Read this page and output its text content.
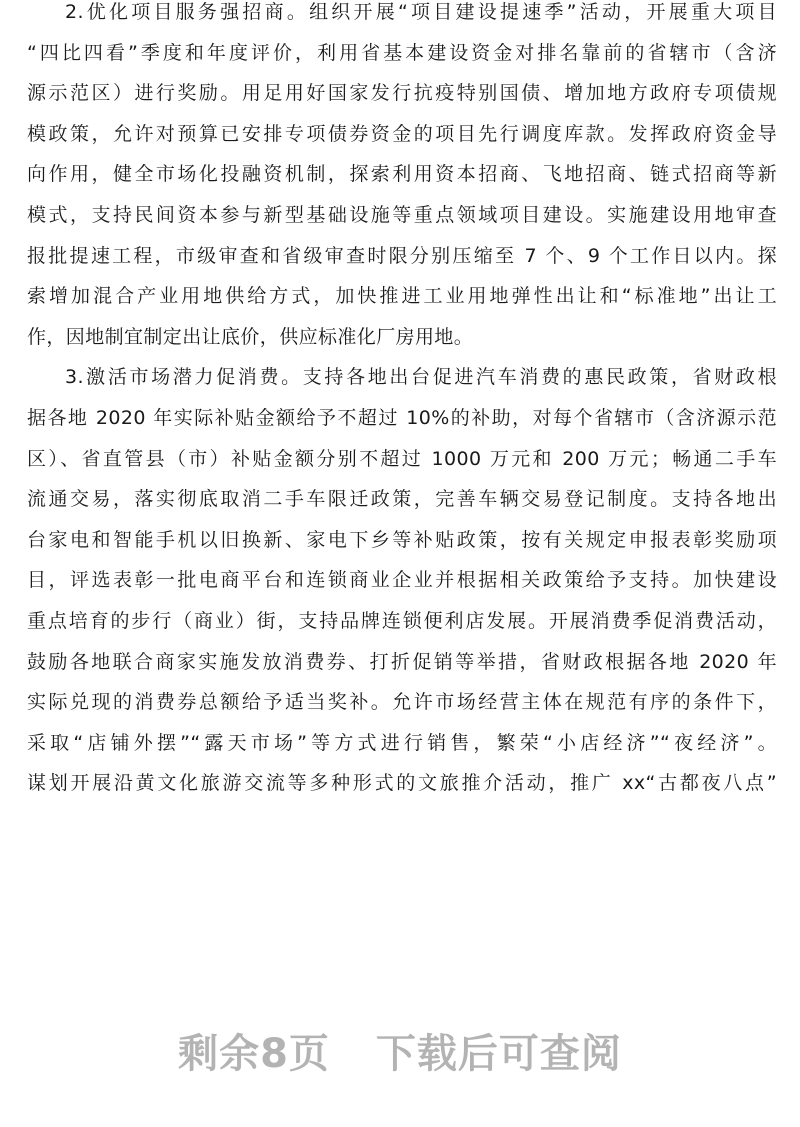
2.优化项目服务强招商。组织开展“项目建设提速季”活动，开展重大项目
“四比四看”季度和年度评价，利用省基本建设资金对排名靠前的省辖市（含济
源示范区）进行奖励。用足用好国家发行抗疫特别国债、增加地方政府专项债规
模政策，允许对预算已安排专项债券资金的项目先行调度库款。发挥政府资金导
向作用，健全市场化投融资机制，探索利用资本招商、飞地招商、链式招商等新
模式，支持民间资本参与新型基础设施等重点领域项目建设。实施建设用地审查
报批提速工程，市级审查和省级审查时限分别压缩至 7 个、9 个工作日以内。探
索增加混合产业用地供给方式，加快推进工业用地弹性出让和“标准地”出让工
作，因地制宜制定出让底价，供应标准化厂房用地。
3.激活市场潜力促消费。支持各地出台促进汽车消费的惠民政策，省财政根
据各地 2020 年实际补贴金额给予不超过 10%的补助，对每个省辖市（含济源示范
区）、省直管县（市）补贴金额分别不超过 1000 万元和 200 万元；畅通二手车
流通交易，落实彻底取消二手车限迁政策，完善车辆交易登记制度。支持各地出
台家电和智能手机以旧换新、家电下乡等补贴政策，按有关规定申报表彰奖励项
目，评选表彰一批电商平台和连锁商业企业并根据相关政策给予支持。加快建设
重点培育的步行（商业）街，支持品牌连锁便利店发展。开展消费季促消费活动，
鼓励各地联合商家实施发放消费券、打折促销等举措，省财政根据各地 2020 年
实际兑现的消费券总额给予适当奖补。允许市场经营主体在规范有序的条件下，
采取“店铺外摆”“露天市场”等方式进行销售，繁荣“小店经济”“夜经济”。
谋划开展沿黄文化旅游交流等多种形式的文旅推介活动，推广 xx“古都夜八点”
剩余8页 下载后可查阅
